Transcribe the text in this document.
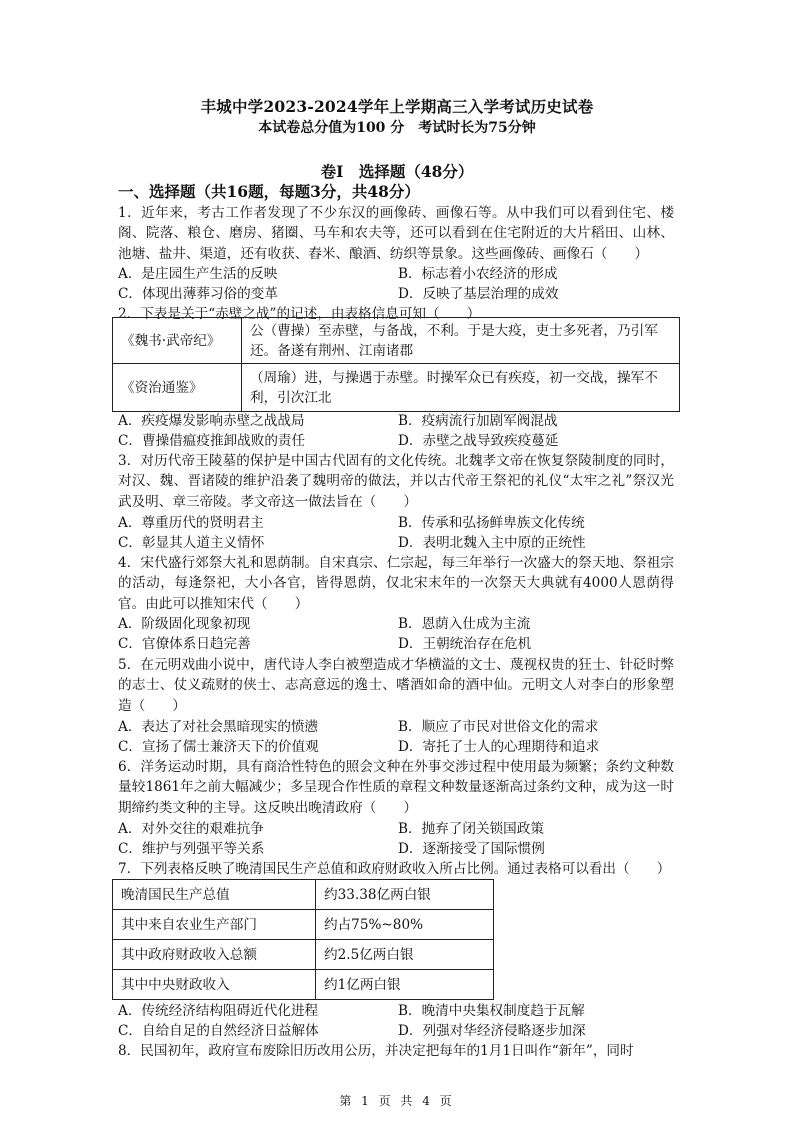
丰城中学2023-2024学年上学期高三入学考试历史试卷
本试卷总分值为100 分　考试时长为75分钟
卷Ⅰ　选择题（48分）
一、选择题（共16题，每题3分，共48分）
1．近年来，考古工作者发现了不少东汉的画像砖、画像石等。从中我们可以看到住宅、楼阁、院落、粮仓、磨房、猪圈、马车和农夫等，还可以看到在住宅附近的大片稻田、山林、池塘、盐井、渠道，还有收获、舂米、酿酒、纺织等景象。这些画像砖、画像石（　　）
A．是庄园生产生活的反映	B．标志着小农经济的形成
C．体现出薄葬习俗的变革	D．反映了基层治理的成效
2．下表是关于“赤壁之战”的记述，由表格信息可知（　　）
《魏书·武帝纪》	公（曹操）至赤壁，与备战，不利。于是大疫，吏士多死者，乃引军还。备遂有荆州、江南诸郡
《资治通鉴》	（周瑜）进，与操遇于赤壁。时操军众已有疾疫，初一交战，操军不利，引次江北
A．疾疫爆发影响赤壁之战战局	B．疫病流行加剧军阀混战
C．曹操借瘟疫推卸战败的责任	D．赤壁之战导致疾疫蔓延
3．对历代帝王陵墓的保护是中国古代固有的文化传统。北魏孝文帝在恢复祭陵制度的同时，对汉、魏、晋诸陵的维护沿袭了魏明帝的做法，并以古代帝王祭祀的礼仪“太牢之礼”祭汉光武及明、章三帝陵。孝文帝这一做法旨在（　　）
A．尊重历代的贤明君主	B．传承和弘扬鲜卑族文化传统
C．彰显其人道主义情怀	D．表明北魏入主中原的正统性
4．宋代盛行郊祭大礼和恩荫制。自宋真宗、仁宗起，每三年举行一次盛大的祭天地、祭祖宗的活动，每逢祭祀，大小各官，皆得恩荫，仅北宋末年的一次祭天大典就有4000人恩荫得官。由此可以推知宋代（　　）
A．阶级固化现象初现	B．恩荫入仕成为主流
C．官僚体系日趋完善	D．王朝统治存在危机
5．在元明戏曲小说中，唐代诗人李白被塑造成才华横溢的文士、蔑视权贵的狂士、针砭时弊的志士、仗义疏财的侠士、志高意远的逸士、嗜酒如命的酒中仙。元明文人对李白的形象塑造（　　）
A．表达了对社会黑暗现实的愤懑	B．顺应了市民对世俗文化的需求
C．宣扬了儒士兼济天下的价值观	D．寄托了士人的心理期待和追求
6．洋务运动时期，具有商洽性特色的照会文种在外事交涉过程中使用最为频繁；条约文种数量较1861年之前大幅减少；多呈现合作性质的章程文种数量逐渐高过条约文种，成为这一时期缔约类文种的主导。这反映出晚清政府（　　）
A．对外交往的艰难抗争	B．抛弃了闭关锁国政策
C．维护与列强平等关系	D．逐渐接受了国际惯例
7．下列表格反映了晚清国民生产总值和政府财政收入所占比例。通过表格可以看出（　　）
晚清国民生产总值	约33.38亿两白银
其中来自农业生产部门	约占75%~80%
其中政府财政收入总额	约2.5亿两白银
其中中央财政收入	约1亿两白银
A．传统经济结构阻碍近代化进程	B．晚清中央集权制度趋于瓦解
C．自给自足的自然经济日益解体	D．列强对华经济侵略逐步加深
8．民国初年，政府宣布废除旧历改用公历，并决定把每年的1月1日叫作“新年”，同时
第 1 页 共 4 页
